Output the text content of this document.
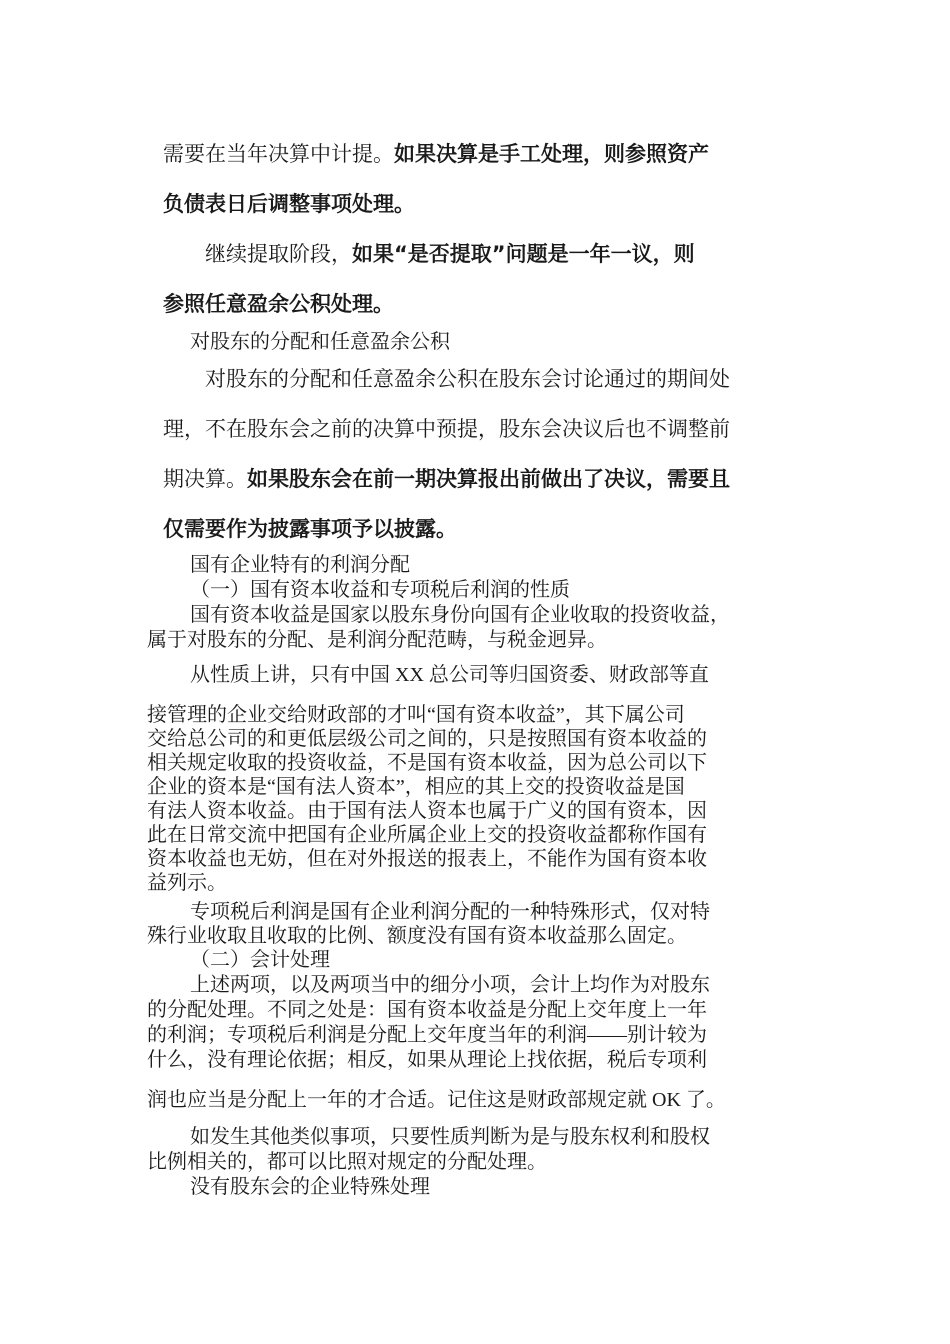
需要在当年决算中计提。如果决算是手工处理，则参照资产

负债表日后调整事项处理。

继续提取阶段，如果“是否提取”问题是一年一议，则

参照任意盈余公积处理。

对股东的分配和任意盈余公积

对股东的分配和任意盈余公积在股东会讨论通过的期间处

理，不在股东会之前的决算中预提，股东会决议后也不调整前

期决算。如果股东会在前一期决算报出前做出了决议，需要且

仅需要作为披露事项予以披露。

国有企业特有的利润分配

（一）国有资本收益和专项税后利润的性质

国有资本收益是国家以股东身份向国有企业收取的投资收益，

属于对股东的分配、是利润分配范畴，与税金迥异。

从性质上讲，只有中国 XX 总公司等归国资委、财政部等直

接管理的企业交给财政部的才叫“国有资本收益”，其下属公司

交给总公司的和更低层级公司之间的，只是按照国有资本收益的

相关规定收取的投资收益，不是国有资本收益，因为总公司以下

企业的资本是“国有法人资本”，相应的其上交的投资收益是国

有法人资本收益。由于国有法人资本也属于广义的国有资本，因

此在日常交流中把国有企业所属企业上交的投资收益都称作国有

资本收益也无妨，但在对外报送的报表上，不能作为国有资本收

益列示。

专项税后利润是国有企业利润分配的一种特殊形式，仅对特

殊行业收取且收取的比例、额度没有国有资本收益那么固定。

（二）会计处理

上述两项，以及两项当中的细分小项，会计上均作为对股东

的分配处理。不同之处是：国有资本收益是分配上交年度上一年

的利润；专项税后利润是分配上交年度当年的利润——别计较为

什么，没有理论依据；相反，如果从理论上找依据，税后专项利

润也应当是分配上一年的才合适。记住这是财政部规定就 OK 了。

如发生其他类似事项，只要性质判断为是与股东权利和股权

比例相关的，都可以比照对规定的分配处理。

没有股东会的企业特殊处理
